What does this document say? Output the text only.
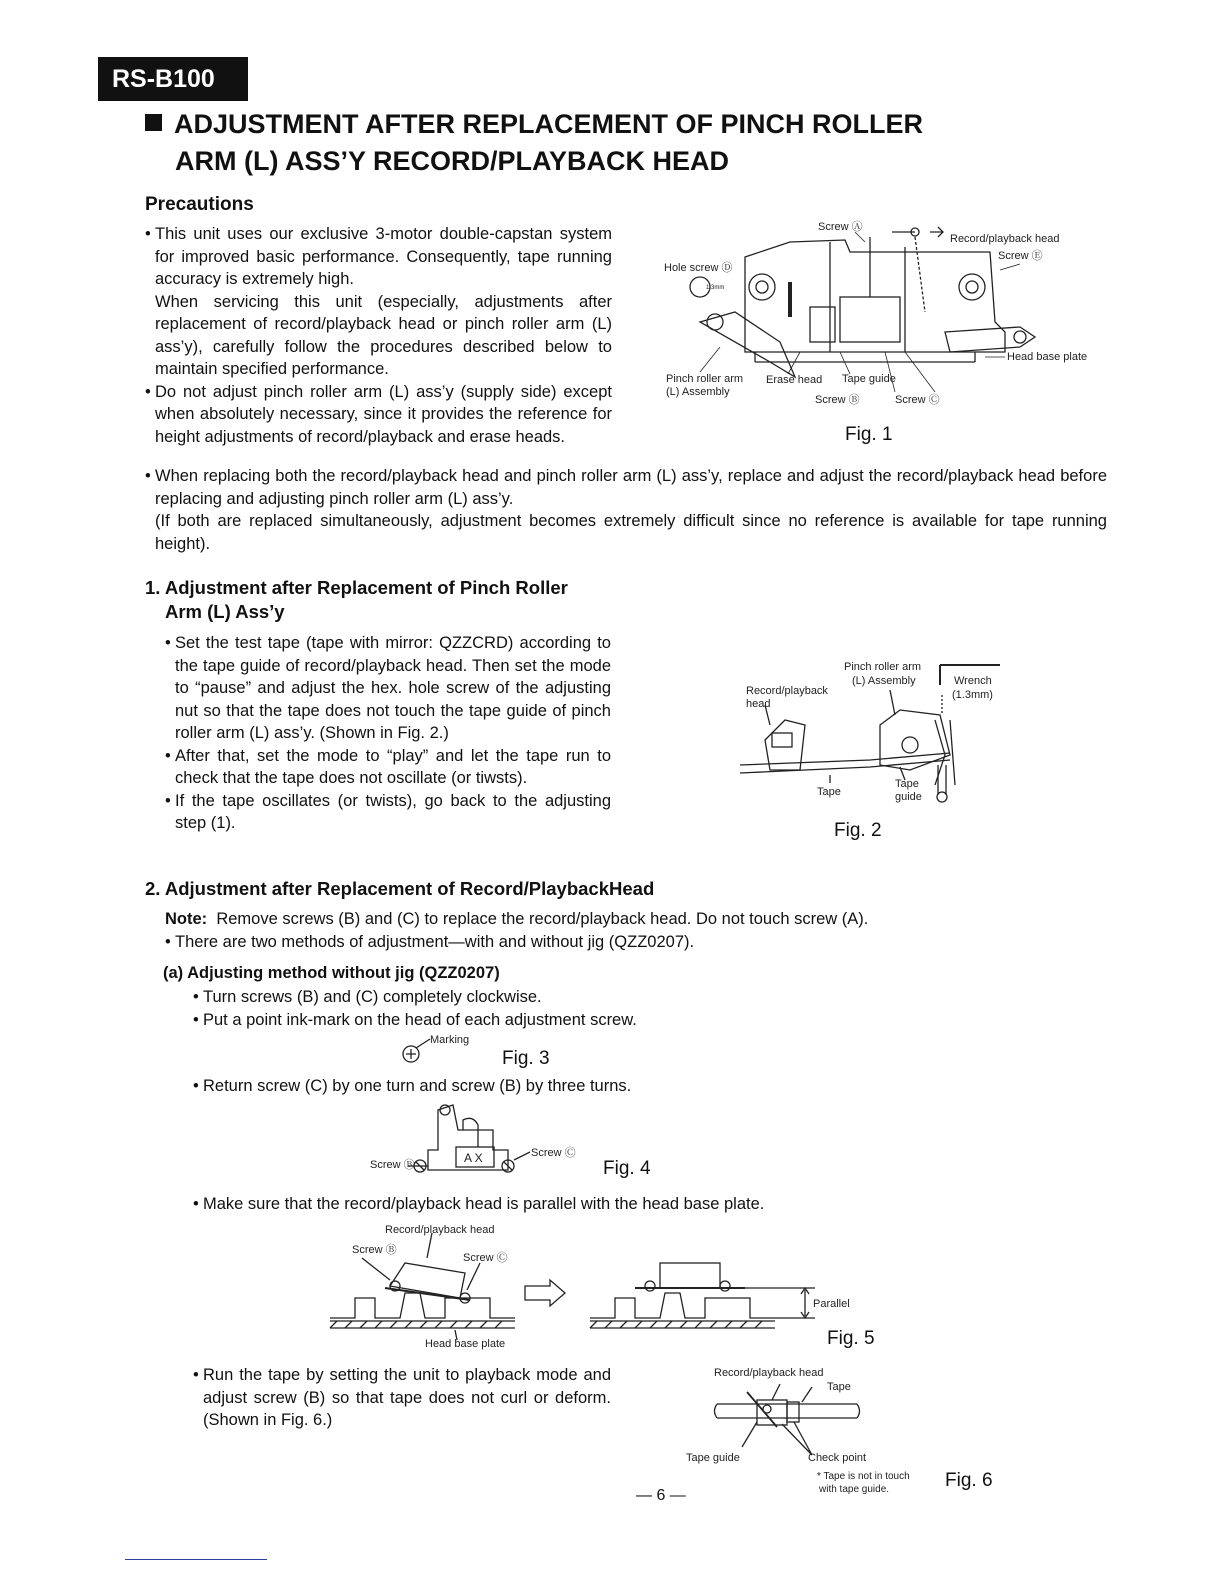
RS-B100
ADJUSTMENT AFTER REPLACEMENT OF PINCH ROLLER
ARM (L) ASS’Y RECORD/PLAYBACK HEAD
Precautions

• This unit uses our exclusive 3-motor double-capstan system for improved basic performance. Consequently, tape running accuracy is extremely high.

When servicing this unit (especially, adjustments after replacement of record/playback head or pinch roller arm (L) ass’y), carefully follow the procedures described below to maintain specified performance.

• Do not adjust pinch roller arm (L) ass’y (supply side) except when absolutely necessary, since it provides the reference for height adjustments of record/playback and erase heads.

• When replacing both the record/playback head and pinch roller arm (L) ass’y, replace and adjust the record/playback head before replacing and adjusting pinch roller arm (L) ass’y.

(If both are replaced simultaneously, adjustment becomes extremely difficult since no reference is available for tape running height).

Screw Ⓐ
Record/playback head
Screw Ⓔ
Hole screw Ⓓ
1.3mm
Head base plate
Pinch roller arm
(L) Assembly
Erase head Tape guide
Screw Ⓑ	Screw Ⓒ
Fig. 1
1. Adjustment after Replacement of Pinch Roller
Arm (L) Ass’y

• Set the test tape (tape with mirror: QZZCRD) according to the tape guide of record/playback head. Then set the mode to “pause” and adjust the hex. hole screw of the adjusting nut so that the tape does not touch the tape guide of pinch roller arm (L) ass’y. (Shown in Fig. 2.)

• After that, set the mode to “play” and let the tape run to check that the tape does not oscillate (or tiwsts).

• If the tape oscillates (or twists), go back to the adjusting step (1).

Pinch roller arm
(L) Assembly
Record/playback
head
Wrench
(1.3mm)
Tape
Tape
guide
Fig. 2
2. Adjustment after Replacement of Record/PlaybackHead

Note: Remove screws (B) and (C) to replace the record/playback head. Do not touch screw (A).

• There are two methods of adjustment—with and without jig (QZZ0207).

(a) Adjusting method without jig (QZZ0207)

• Turn screws (B) and (C) completely clockwise.

• Put a point ink-mark on the head of each adjustment screw.

Marking
Fig. 3

• Return screw (C) by one turn and screw (B) by three turns.

A X
Screw Ⓑ
Screw Ⓒ
Fig. 4

• Make sure that the record/playback head is parallel with the head base plate.

Record/playback head
Screw Ⓑ
Screw Ⓒ
Head base plate
Parallel
Fig. 5

• Run the tape by setting the unit to playback mode and adjust screw (B) so that tape does not curl or deform. (Shown in Fig. 6.)

Record/playback head
Tape
Tape guide	Check point
* Tape is not in touch
with tape guide.	Fig. 6
— 6 —
